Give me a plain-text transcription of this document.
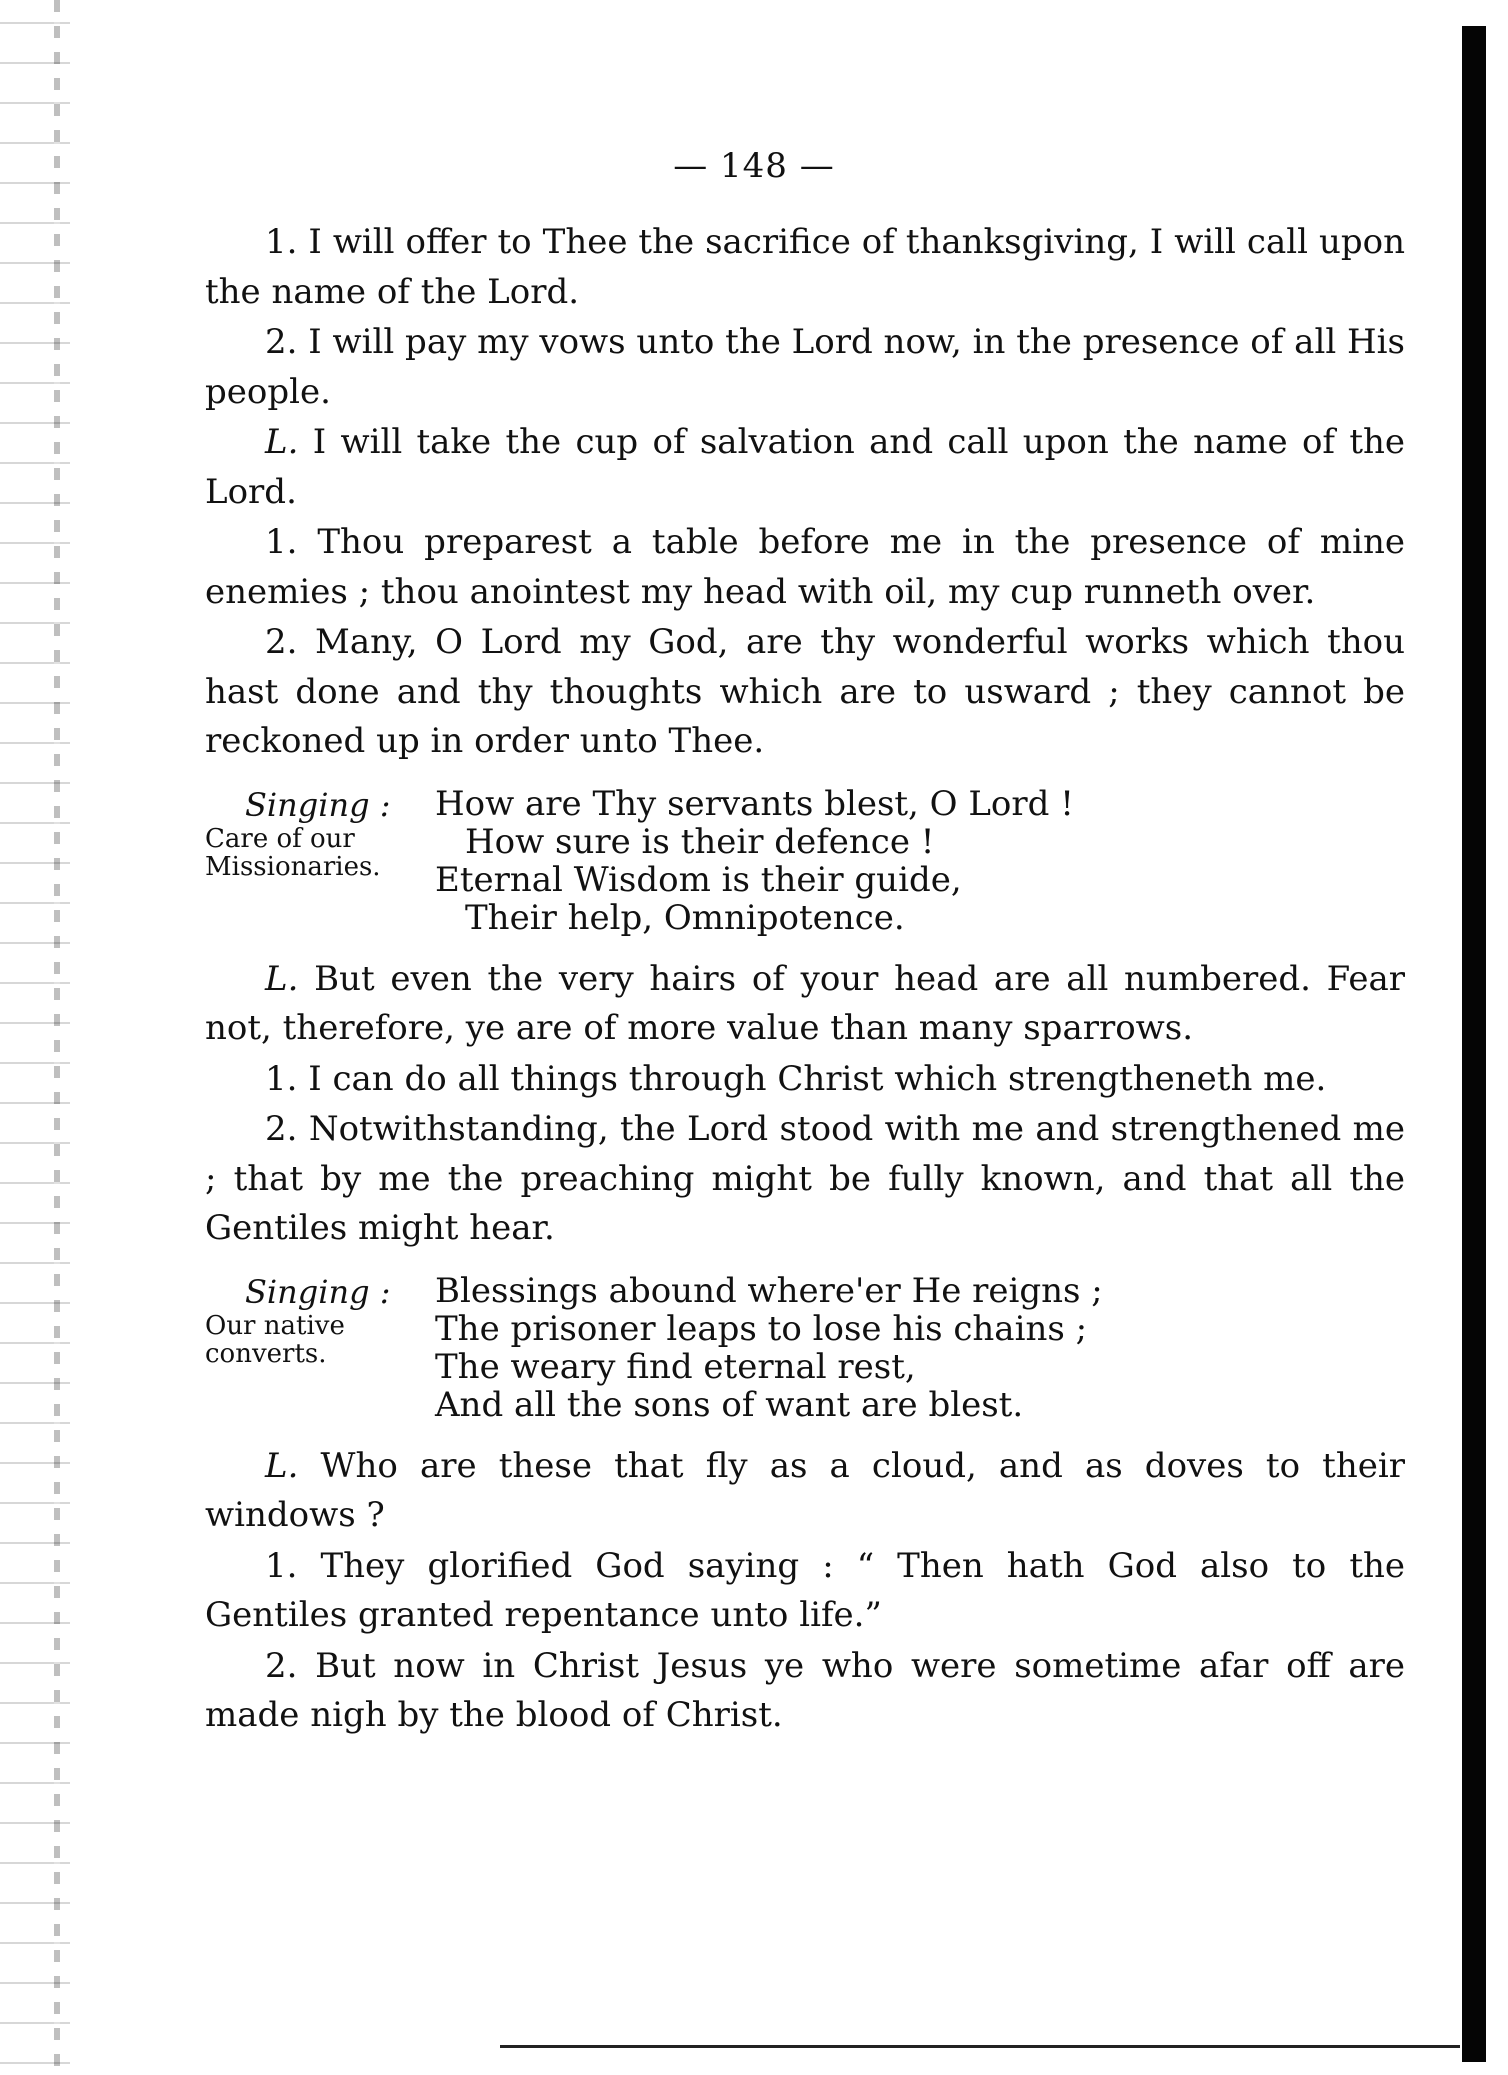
— 148 —

1. I will offer to Thee the sacrifice of thanksgiving, I will call upon the name of the Lord.

2. I will pay my vows unto the Lord now, in the presence of all His people.

L. I will take the cup of salvation and call upon the name of the Lord.

1. Thou preparest a table before me in the presence of mine enemies ; thou anointest my head with oil, my cup runneth over.

2. Many, O Lord my God, are thy wonderful works which thou hast done and thy thoughts which are to usward ; they cannot be reckoned up in order unto Thee.

Singing :
Care of our Missionaries.
How are Thy servants blest, O Lord !
How sure is their defence !
Eternal Wisdom is their guide,
Their help, Omnipotence.

L. But even the very hairs of your head are all numbered. Fear not, therefore, ye are of more value than many sparrows.

1. I can do all things through Christ which strengtheneth me.

2. Notwithstanding, the Lord stood with me and strengthened me ; that by me the preaching might be fully known, and that all the Gentiles might hear.

Singing :
Our native converts.
Blessings abound where'er He reigns ;
The prisoner leaps to lose his chains ;
The weary find eternal rest,
And all the sons of want are blest.

L. Who are these that fly as a cloud, and as doves to their windows ?

1. They glorified God saying : “ Then hath God also to the Gentiles granted repentance unto life.”

2. But now in Christ Jesus ye who were sometime afar off are made nigh by the blood of Christ.
